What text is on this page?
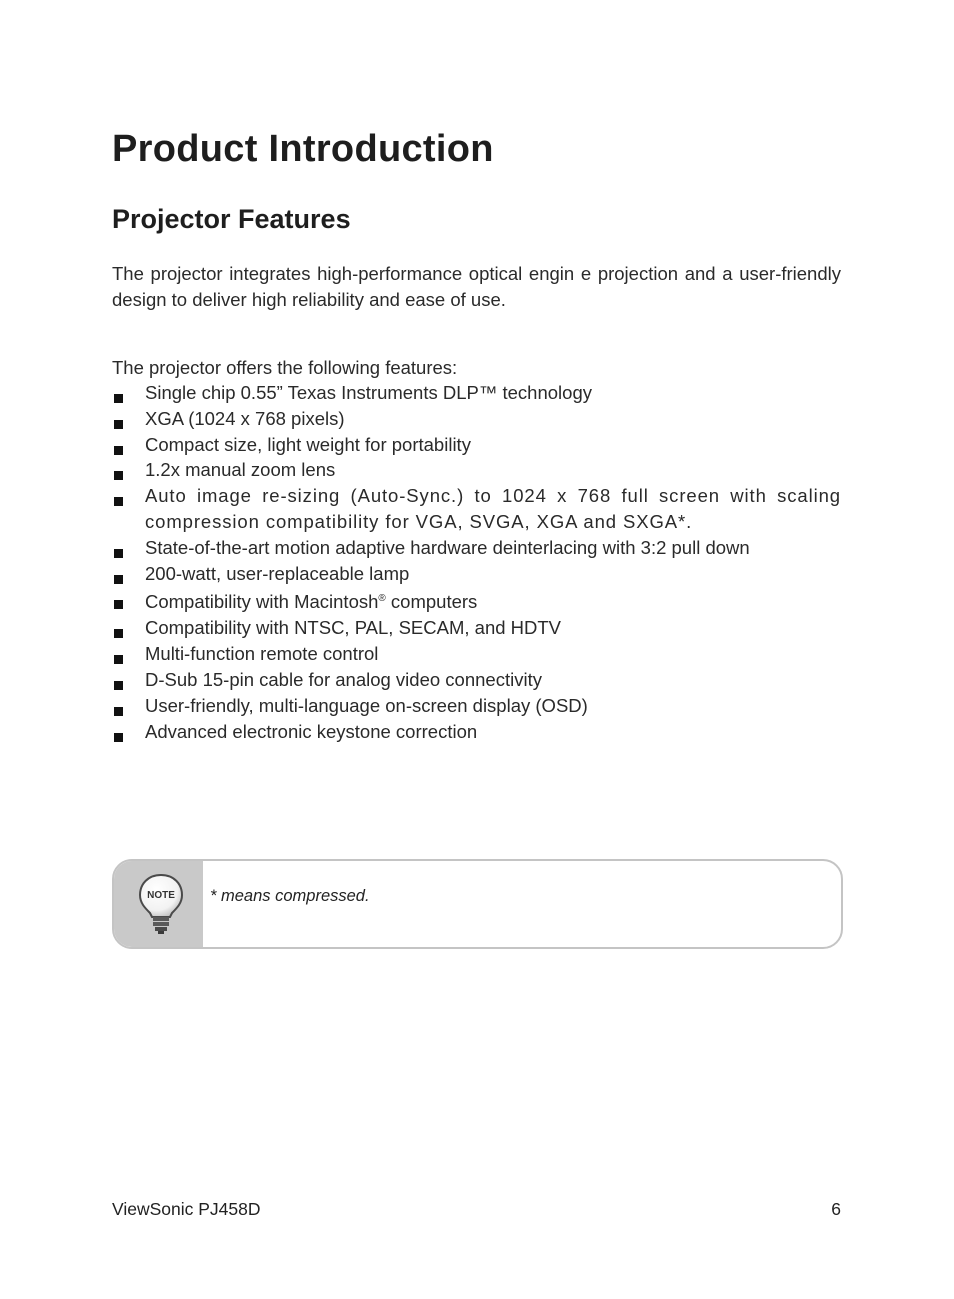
Product Introduction
Projector Features

The projector integrates high-performance optical engin e projection and a user-friendly design to deliver high reliability and ease of use.

The projector offers the following features:

Single chip 0.55” Texas Instruments DLP™ technology
XGA (1024 x 768 pixels)
Compact size, light weight for portability
1.2x manual zoom lens
Auto image re-sizing (Auto-Sync.) to 1024 x 768 full screen with scaling compression compatibility for VGA, SVGA, XGA and SXGA*.
State-of-the-art motion adaptive hardware deinterlacing with 3:2 pull down
200-watt, user-replaceable lamp
Compatibility with Macintosh® computers
Compatibility with NTSC, PAL, SECAM, and HDTV
Multi-function remote control
D-Sub 15-pin cable for analog video connectivity
User-friendly, multi-language on-screen display (OSD)
Advanced electronic keystone correction
NOTE * means compressed.

ViewSonic PJ458D	6
